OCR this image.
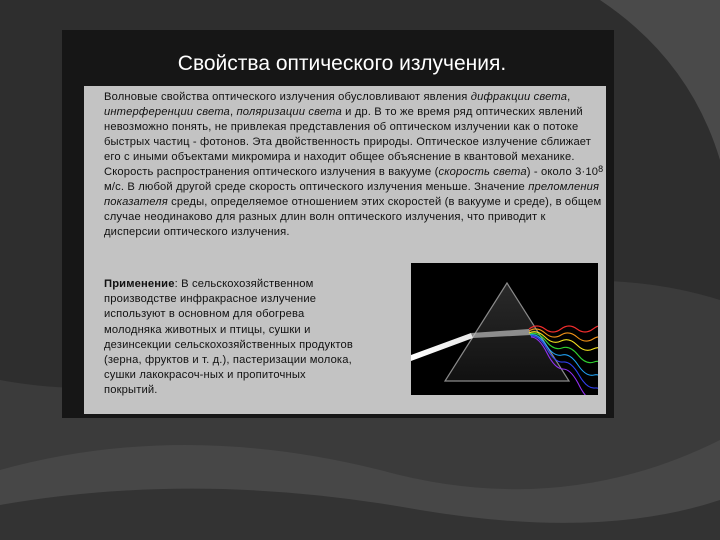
Свойства оптического излучения.

Волновые свойства оптического излучения обусловливают явления дифракции света, интерференции света, поляризации света и др. В то же время ряд оптических явлений невозможно понять, не привлекая представления об оптическом излучении как о потоке быстрых частиц - фотонов. Эта двойственность природы. Оптическое излучение сближает его с иными объектами микромира и находит общее объяснение в квантовой механике. Скорость распространения оптического излучения в вакууме (скорость света) - около $3\cdot 10^8$ м/с. В любой другой среде скорость оптического излучения меньше. Значение преломления показателя среды, определяемое отношением этих скоростей (в вакууме и среде), в общем случае неодинаково для разных длин волн оптического излучения, что приводит к дисперсии оптического излучения.

Применение: В сельскохозяйственном производстве инфракрасное излучение используют в основном для обогрева молодняка животных и птицы, сушки и дезинсекции сельскохозяйственных продуктов (зерна, фруктов и т. д.), пастеризации молока, сушки лакокрасоч-ных и пропиточных покрытий.
